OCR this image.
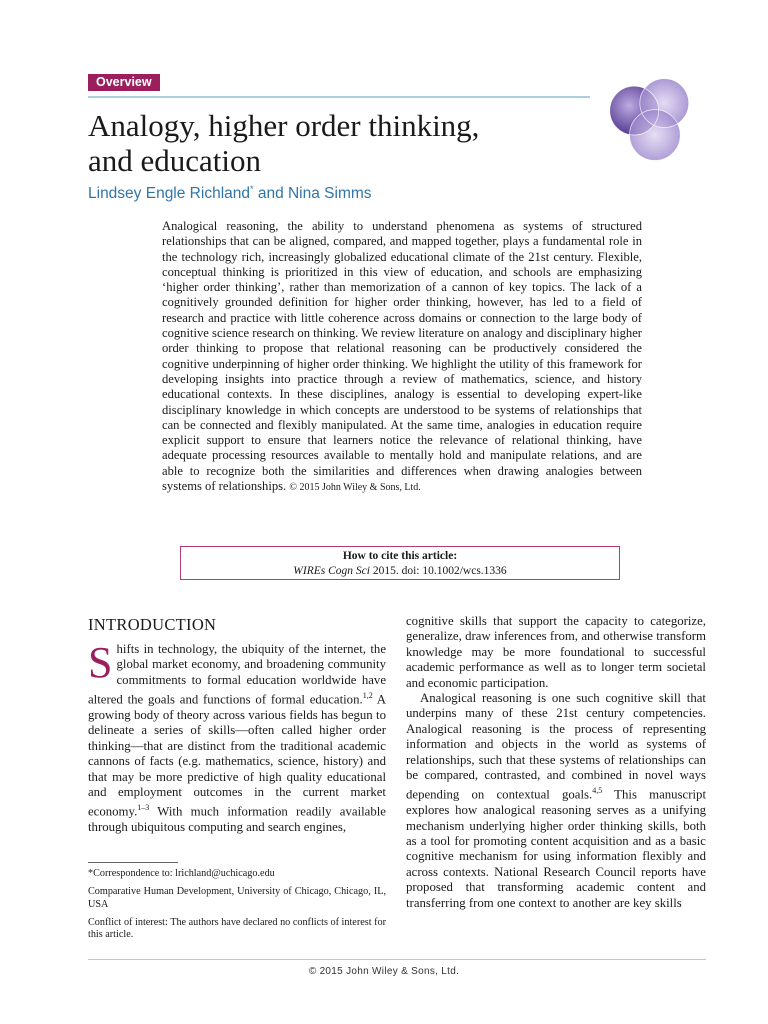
Overview
Analogy, higher order thinking,
and education
Lindsey Engle Richland* and Nina Simms

Analogical reasoning, the ability to understand phenomena as systems of structured relationships that can be aligned, compared, and mapped together, plays a fundamental role in the technology rich, increasingly globalized educational climate of the 21st century. Flexible, conceptual thinking is prioritized in this view of education, and schools are emphasizing ‘higher order thinking’, rather than memorization of a cannon of key topics. The lack of a cognitively grounded definition for higher order thinking, however, has led to a field of research and practice with little coherence across domains or connection to the large body of cognitive science research on thinking. We review literature on analogy and disciplinary higher order thinking to propose that relational reasoning can be productively considered the cognitive underpinning of higher order thinking. We highlight the utility of this framework for developing insights into practice through a review of mathematics, science, and history educational contexts. In these disciplines, analogy is essential to developing expert-like disciplinary knowledge in which concepts are understood to be systems of relationships that can be connected and flexibly manipulated. At the same time, analogies in education require explicit support to ensure that learners notice the relevance of relational thinking, have adequate processing resources available to mentally hold and manipulate relations, and are able to recognize both the similarities and differences when drawing analogies between systems of relationships. © 2015 John Wiley & Sons, Ltd.

How to cite this article:
WIREs Cogn Sci 2015. doi: 10.1002/wcs.1336
INTRODUCTION

Shifts in technology, the ubiquity of the internet, the global market economy, and broadening community commitments to formal education worldwide have altered the goals and functions of formal education.$^{1,2}$ A growing body of theory across various fields has begun to delineate a series of skills—often called higher order thinking—that are distinct from the traditional academic cannons of facts (e.g. mathematics, science, history) and that may be more predictive of high quality educational and employment outcomes in the current market economy.$^{1-3}$ With much information readily available through ubiquitous computing and search engines,

*Correspondence to: lrichland@uchicago.edu

Comparative Human Development, University of Chicago, Chicago, IL, USA

Conflict of interest: The authors have declared no conflicts of interest for this article.

cognitive skills that support the capacity to categorize, generalize, draw inferences from, and otherwise transform knowledge may be more foundational to successful academic performance as well as to longer term societal and economic participation.

Analogical reasoning is one such cognitive skill that underpins many of these 21st century competencies. Analogical reasoning is the process of representing information and objects in the world as systems of relationships, such that these systems of relationships can be compared, contrasted, and combined in novel ways depending on contextual goals.$^{4,5}$ This manuscript explores how analogical reasoning serves as a unifying mechanism underlying higher order thinking skills, both as a tool for promoting content acquisition and as a basic cognitive mechanism for using information flexibly and across contexts. National Research Council reports have proposed that transforming academic content and transferring from one context to another are key skills

© 2015 John Wiley & Sons, Ltd.
